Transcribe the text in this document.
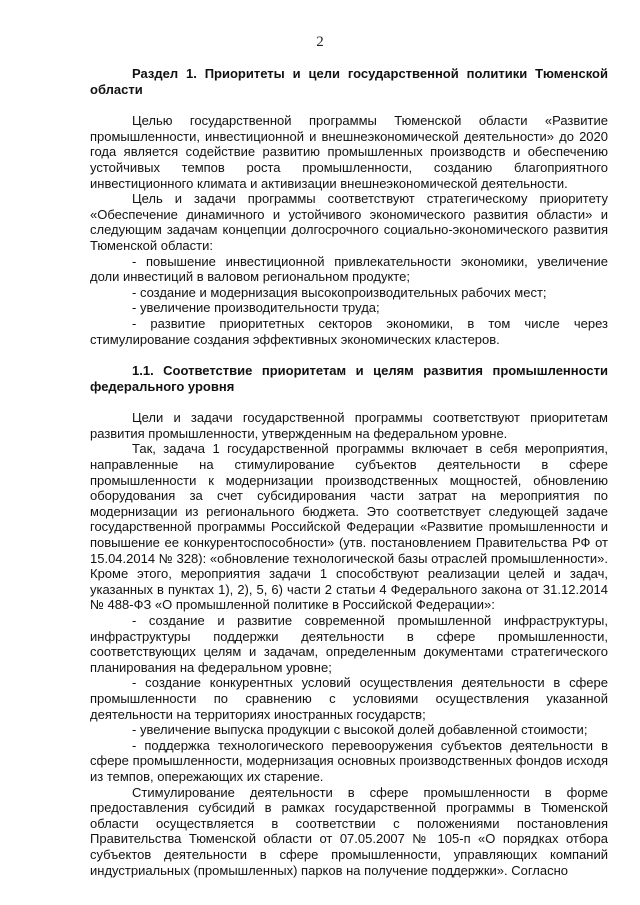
2

Раздел 1. Приоритеты и цели государственной политики Тюменской области

Целью государственной программы Тюменской области «Развитие промышленности, инвестиционной и внешнеэкономической деятельности» до 2020 года является содействие развитию промышленных производств и обеспечению устойчивых темпов роста промышленности, созданию благоприятного инвестиционного климата и активизации внешнеэкономической деятельности.

Цель и задачи программы соответствуют стратегическому приоритету «Обеспечение динамичного и устойчивого экономического развития области» и следующим задачам концепции долгосрочного социально-экономического развития Тюменской области:

- повышение инвестиционной привлекательности экономики, увеличение доли инвестиций в валовом региональном продукте;

- создание и модернизация высокопроизводительных рабочих мест;

- увеличение производительности труда;

- развитие приоритетных секторов экономики, в том числе через стимулирование создания эффективных экономических кластеров.

1.1. Соответствие приоритетам и целям развития промышленности федерального уровня

Цели и задачи государственной программы соответствуют приоритетам развития промышленности, утвержденным на федеральном уровне.

Так, задача 1 государственной программы включает в себя мероприятия, направленные на стимулирование субъектов деятельности в сфере промышленности к модернизации производственных мощностей, обновлению оборудования за счет субсидирования части затрат на мероприятия по модернизации из регионального бюджета. Это соответствует следующей задаче государственной программы Российской Федерации «Развитие промышленности и повышение ее конкурентоспособности» (утв. постановлением Правительства РФ от 15.04.2014 № 328): «обновление технологической базы отраслей промышленности». Кроме этого, мероприятия задачи 1 способствуют реализации целей и задач, указанных в пунктах 1), 2), 5, 6) части 2 статьи 4 Федерального закона от 31.12.2014 № 488-ФЗ «О промышленной политике в Российской Федерации»:

- создание и развитие современной промышленной инфраструктуры, инфраструктуры поддержки деятельности в сфере промышленности, соответствующих целям и задачам, определенным документами стратегического планирования на федеральном уровне;

- создание конкурентных условий осуществления деятельности в сфере промышленности по сравнению с условиями осуществления указанной деятельности на территориях иностранных государств;

- увеличение выпуска продукции с высокой долей добавленной стоимости;

- поддержка технологического перевооружения субъектов деятельности в сфере промышленности, модернизация основных производственных фондов исходя из темпов, опережающих их старение.

Стимулирование деятельности в сфере промышленности в форме предоставления субсидий в рамках государственной программы в Тюменской области осуществляется в соответствии с положениями постановления Правительства Тюменской области от 07.05.2007 № 105-п «О порядках отбора субъектов деятельности в сфере промышленности, управляющих компаний индустриальных (промышленных) парков на получение поддержки». Согласно
